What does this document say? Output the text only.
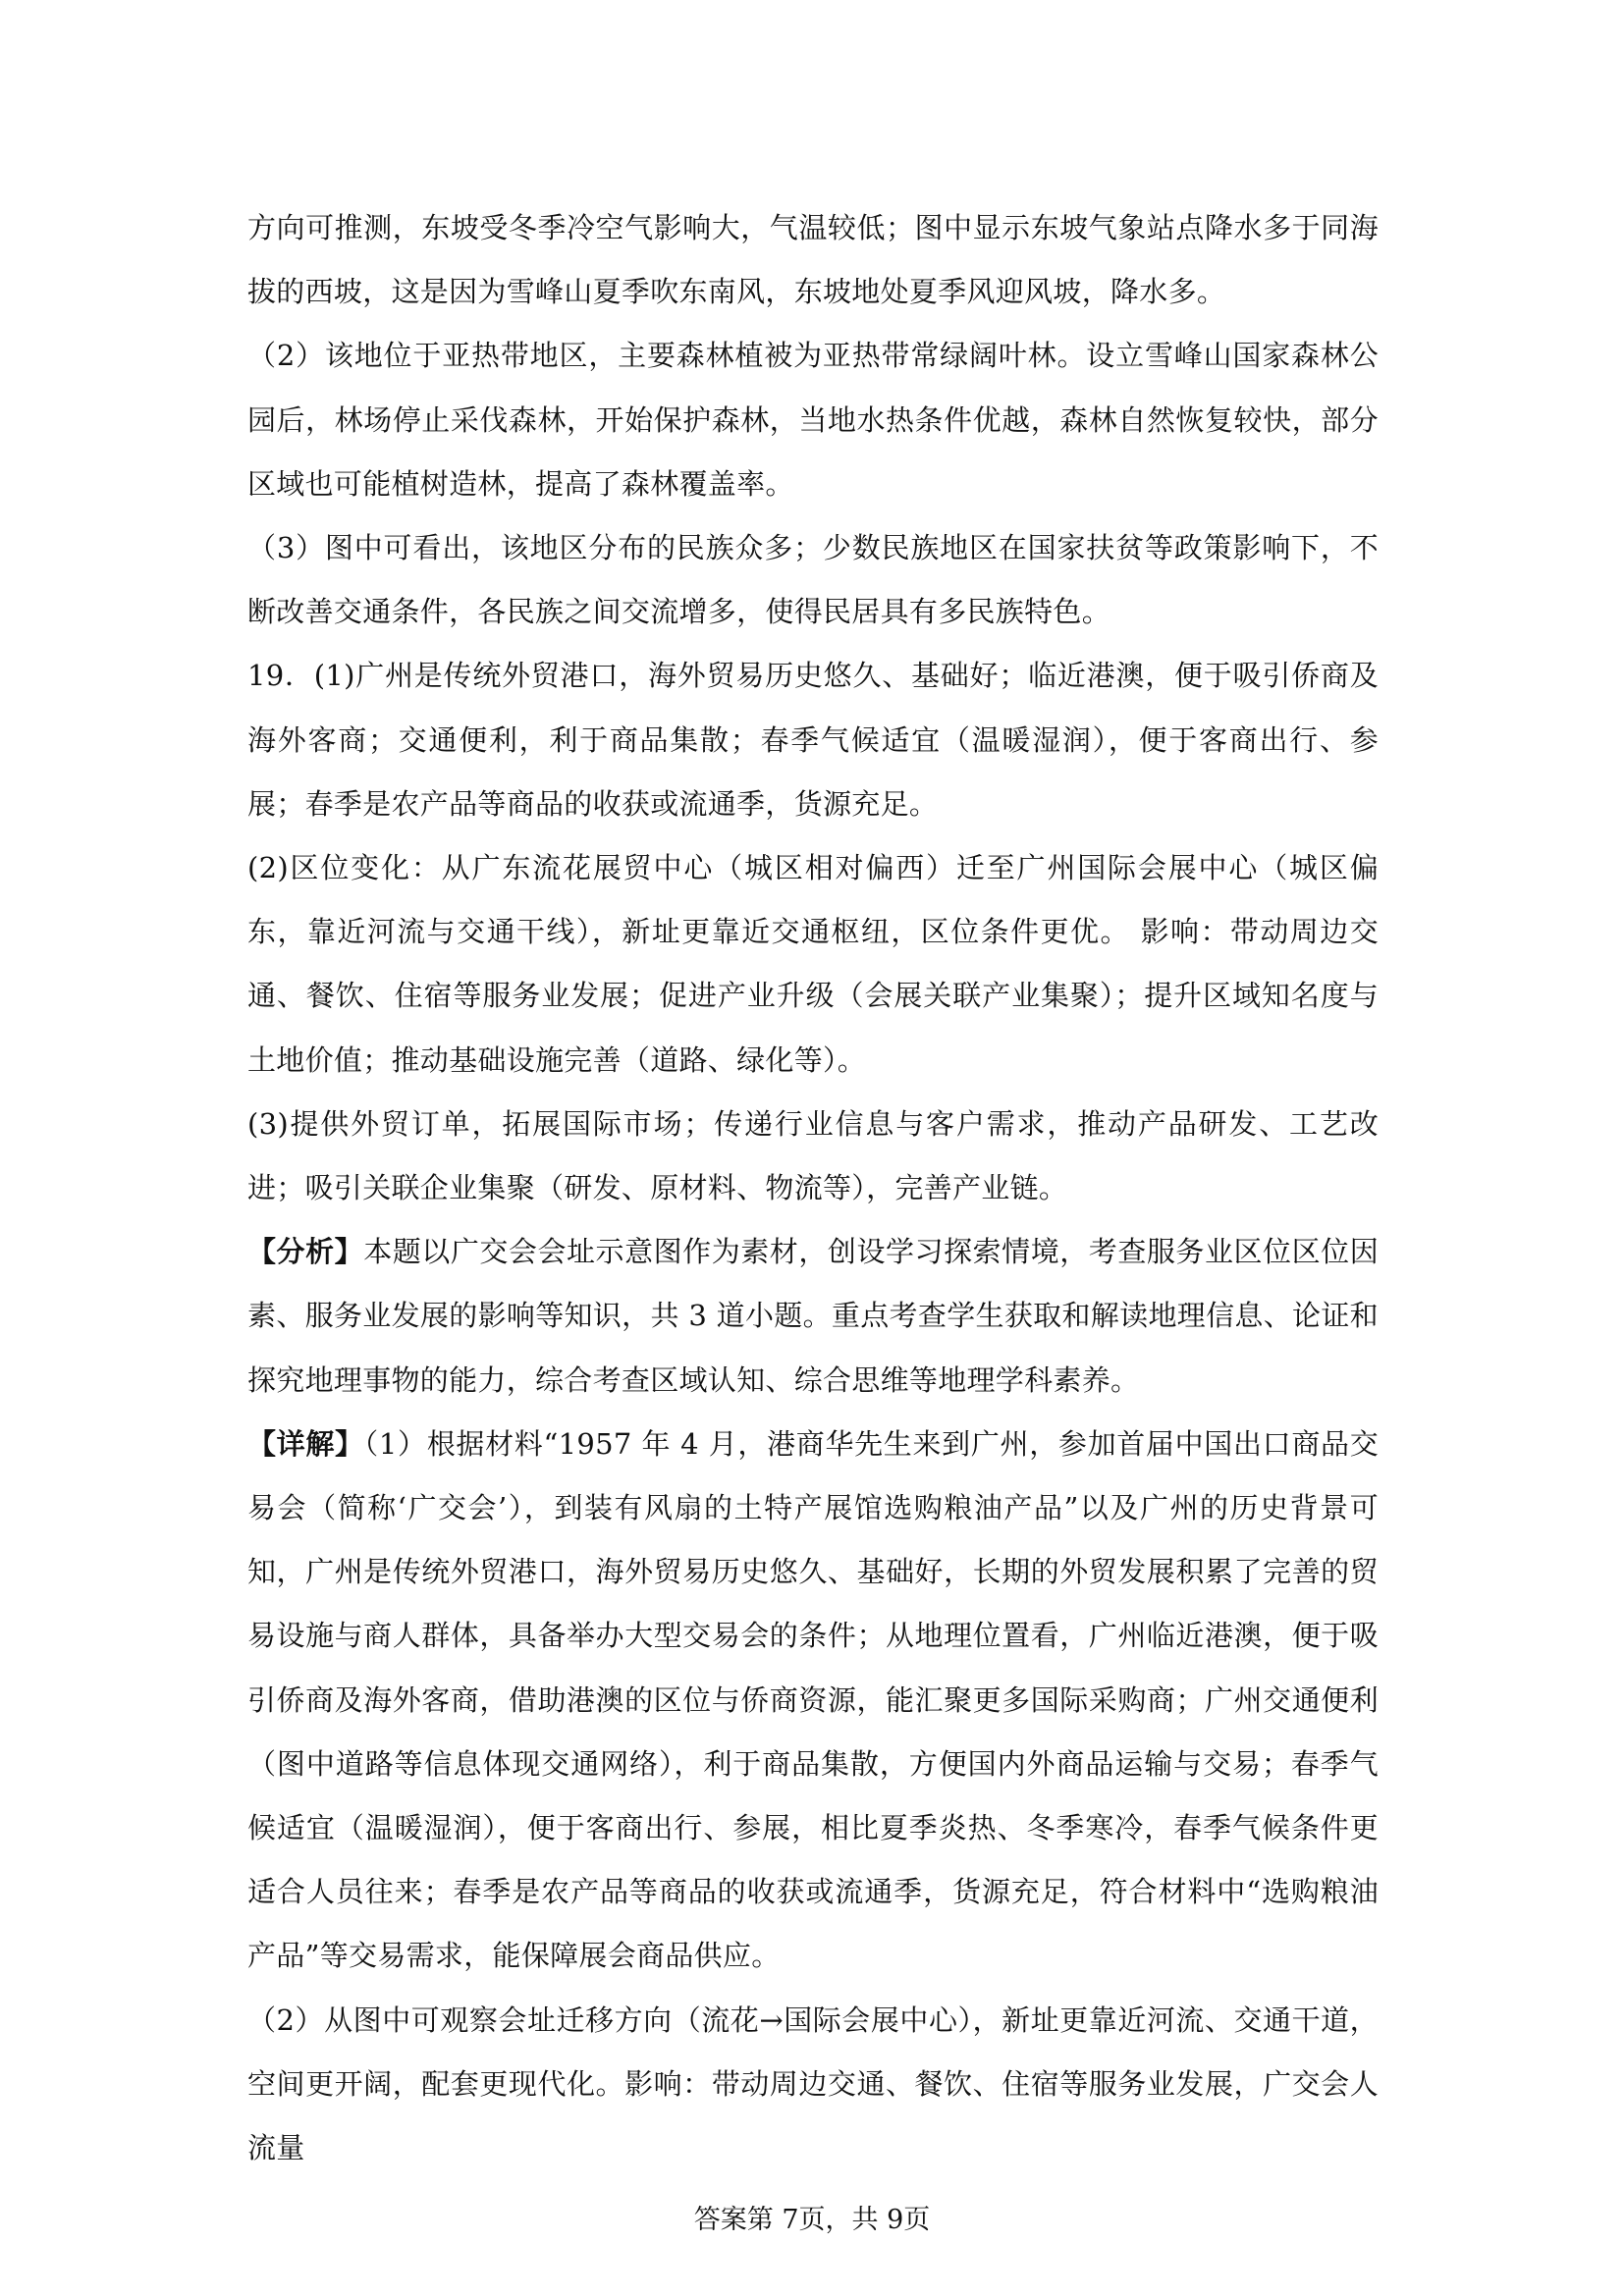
方向可推测，东坡受冬季冷空气影响大，气温较低；图中显示东坡气象站点降水多于同海拔的西坡，这是因为雪峰山夏季吹东南风，东坡地处夏季风迎风坡，降水多。

（2）该地位于亚热带地区，主要森林植被为亚热带常绿阔叶林。设立雪峰山国家森林公园后，林场停止采伐森林，开始保护森林，当地水热条件优越，森林自然恢复较快，部分区域也可能植树造林，提高了森林覆盖率。

（3）图中可看出，该地区分布的民族众多；少数民族地区在国家扶贫等政策影响下，不断改善交通条件，各民族之间交流增多，使得民居具有多民族特色。

19．(1)广州是传统外贸港口，海外贸易历史悠久、基础好；临近港澳，便于吸引侨商及海外客商；交通便利，利于商品集散；春季气候适宜（温暖湿润），便于客商出行、参展；春季是农产品等商品的收获或流通季，货源充足。

(2)区位变化：从广东流花展贸中心（城区相对偏西）迁至广州国际会展中心（城区偏东，靠近河流与交通干线），新址更靠近交通枢纽，区位条件更优。 影响：带动周边交通、餐饮、住宿等服务业发展；促进产业升级（会展关联产业集聚）；提升区域知名度与土地价值；推动基础设施完善（道路、绿化等）。

(3)提供外贸订单，拓展国际市场；传递行业信息与客户需求，推动产品研发、工艺改进；吸引关联企业集聚（研发、原材料、物流等），完善产业链。

【分析】本题以广交会会址示意图作为素材，创设学习探索情境，考查服务业区位区位因素、服务业发展的影响等知识，共 3 道小题。重点考查学生获取和解读地理信息、论证和探究地理事物的能力，综合考查区域认知、综合思维等地理学科素养。

【详解】（1）根据材料“1957 年 4 月，港商华先生来到广州，参加首届中国出口商品交易会（简称‘广交会’），到装有风扇的土特产展馆选购粮油产品”以及广州的历史背景可知，广州是传统外贸港口，海外贸易历史悠久、基础好，长期的外贸发展积累了完善的贸易设施与商人群体，具备举办大型交易会的条件；从地理位置看，广州临近港澳，便于吸引侨商及海外客商，借助港澳的区位与侨商资源，能汇聚更多国际采购商；广州交通便利（图中道路等信息体现交通网络），利于商品集散，方便国内外商品运输与交易；春季气候适宜（温暖湿润），便于客商出行、参展，相比夏季炎热、冬季寒冷，春季气候条件更适合人员往来；春季是农产品等商品的收获或流通季，货源充足，符合材料中“选购粮油产品”等交易需求，能保障展会商品供应。

（2）从图中可观察会址迁移方向（流花→国际会展中心），新址更靠近河流、交通干道，空间更开阔，配套更现代化。影响：带动周边交通、餐饮、住宿等服务业发展，广交会人流量

答案第 7页，共 9页
